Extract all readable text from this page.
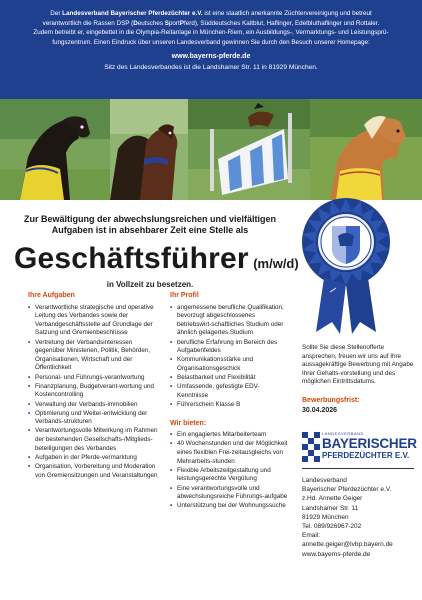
Der Landesverband Bayerischer Pferdezüchter e.V. ist eine staatlich anerkannte Züchtervereinigung und betreut
verantwortlich die Rassen DSP (Deutsches SportPferd), Süddeutsches Kaltblut, Haflinger, Edelbluthaflinger und Rottaler.
Zudem betreibt er, eingebettet in die Olympia-Reitanlage in München-Riem, ein Ausbildungs-, Vermarktungs- und Leistungsprü-
fungszentrum. Einen Eindruck über unseren Landesverband gewinnen Sie durch den Besuch unserer Homepage:
www.bayerns-pferde.de
Sitz des Landesverbandes ist die Landshamer Str. 11 in 81929 München.
Zur Bewältigung der abwechslungsreichen und vielfältigen
Aufgaben ist in absehbarer Zeit eine Stelle als
Geschäftsführer (m/w/d)
in Vollzeit zu besetzen.
Ihre Aufgaben
• Verantwortliche strategische und operative Leitung des Verbandes sowie der Verbandgeschäftsstelle auf Grundlage der Satzung und Gremienbeschlüsse
• Vertretung der Verbandsinteressen gegenüber Ministerien, Politik, Behörden, Organisationen, Wirtschaft und der Öffentlichkeit
• Personal- und Führungs-verantwortung
• Finanzplanung, Budgetverant-wortung und Kostencontrolling
• Verwaltung der Verbands-immobilien
• Optimierung und Weiter-entwicklung der Verbands-strukturen
• Verantwortungsvolle Mitwirkung im Rahmen der bestehenden Gesellschafts-/Mitglieds-beteiligungen des Verbandes
• Aufgaben in der Pferde-vermarktung
• Organisation, Vorbereitung und Moderation von Gremiensitzungen und Veranstaltungen
Ihr Profil
• angemessene berufliche Qualifikation, bevorzugt abgeschlossenes betriebswirt-schaftliches Studium oder ähnlich gelagertes Studium
• berufliche Erfahrung im Bereich des Aufgabenfeldes
• Kommunikationsstärke und Organisationsgeschick
• Belastbarkeit und Flexibilität
• Umfassende, gefestigte EDV-Kenntnisse
• Führerschein Klasse B
Wir bieten:
• Ein engagiertes Mitarbeiterteam
• 40 Wochenstunden und der Möglichkeit eines flexiblen Frei-zeitausgleichs von Mehrarbeits-stunden
• Flexible Arbeitszeitgestaltung und leistungsgerechte Vergütung
• Eine verantwortungsvolle und abwechslungsreiche Führungs-aufgabe
• Unterstützung bei der Wohnungssuche
Sollte Sie diese Stellenofferte ansprechen, freuen wir uns auf Ihre aussagekräftige Bewerbung mit Angabe Ihrer Gehalts-vorstellung und des möglichen Eintrittsdatums.
Bewerbungsfrist:
30.04.2026
LANDESVERBAND
BAYERISCHER
PFERDEZÜCHTER E.V.
Landesverband
Bayerischer Pferdezüchter e.V.
z.Hd. Annette Geiger
Landshamer Str. 11
81929 München
Tel. 089/926967-202
Email:
annette.geiger@lvbp.bayern.de
www.bayerns-pferde.de
